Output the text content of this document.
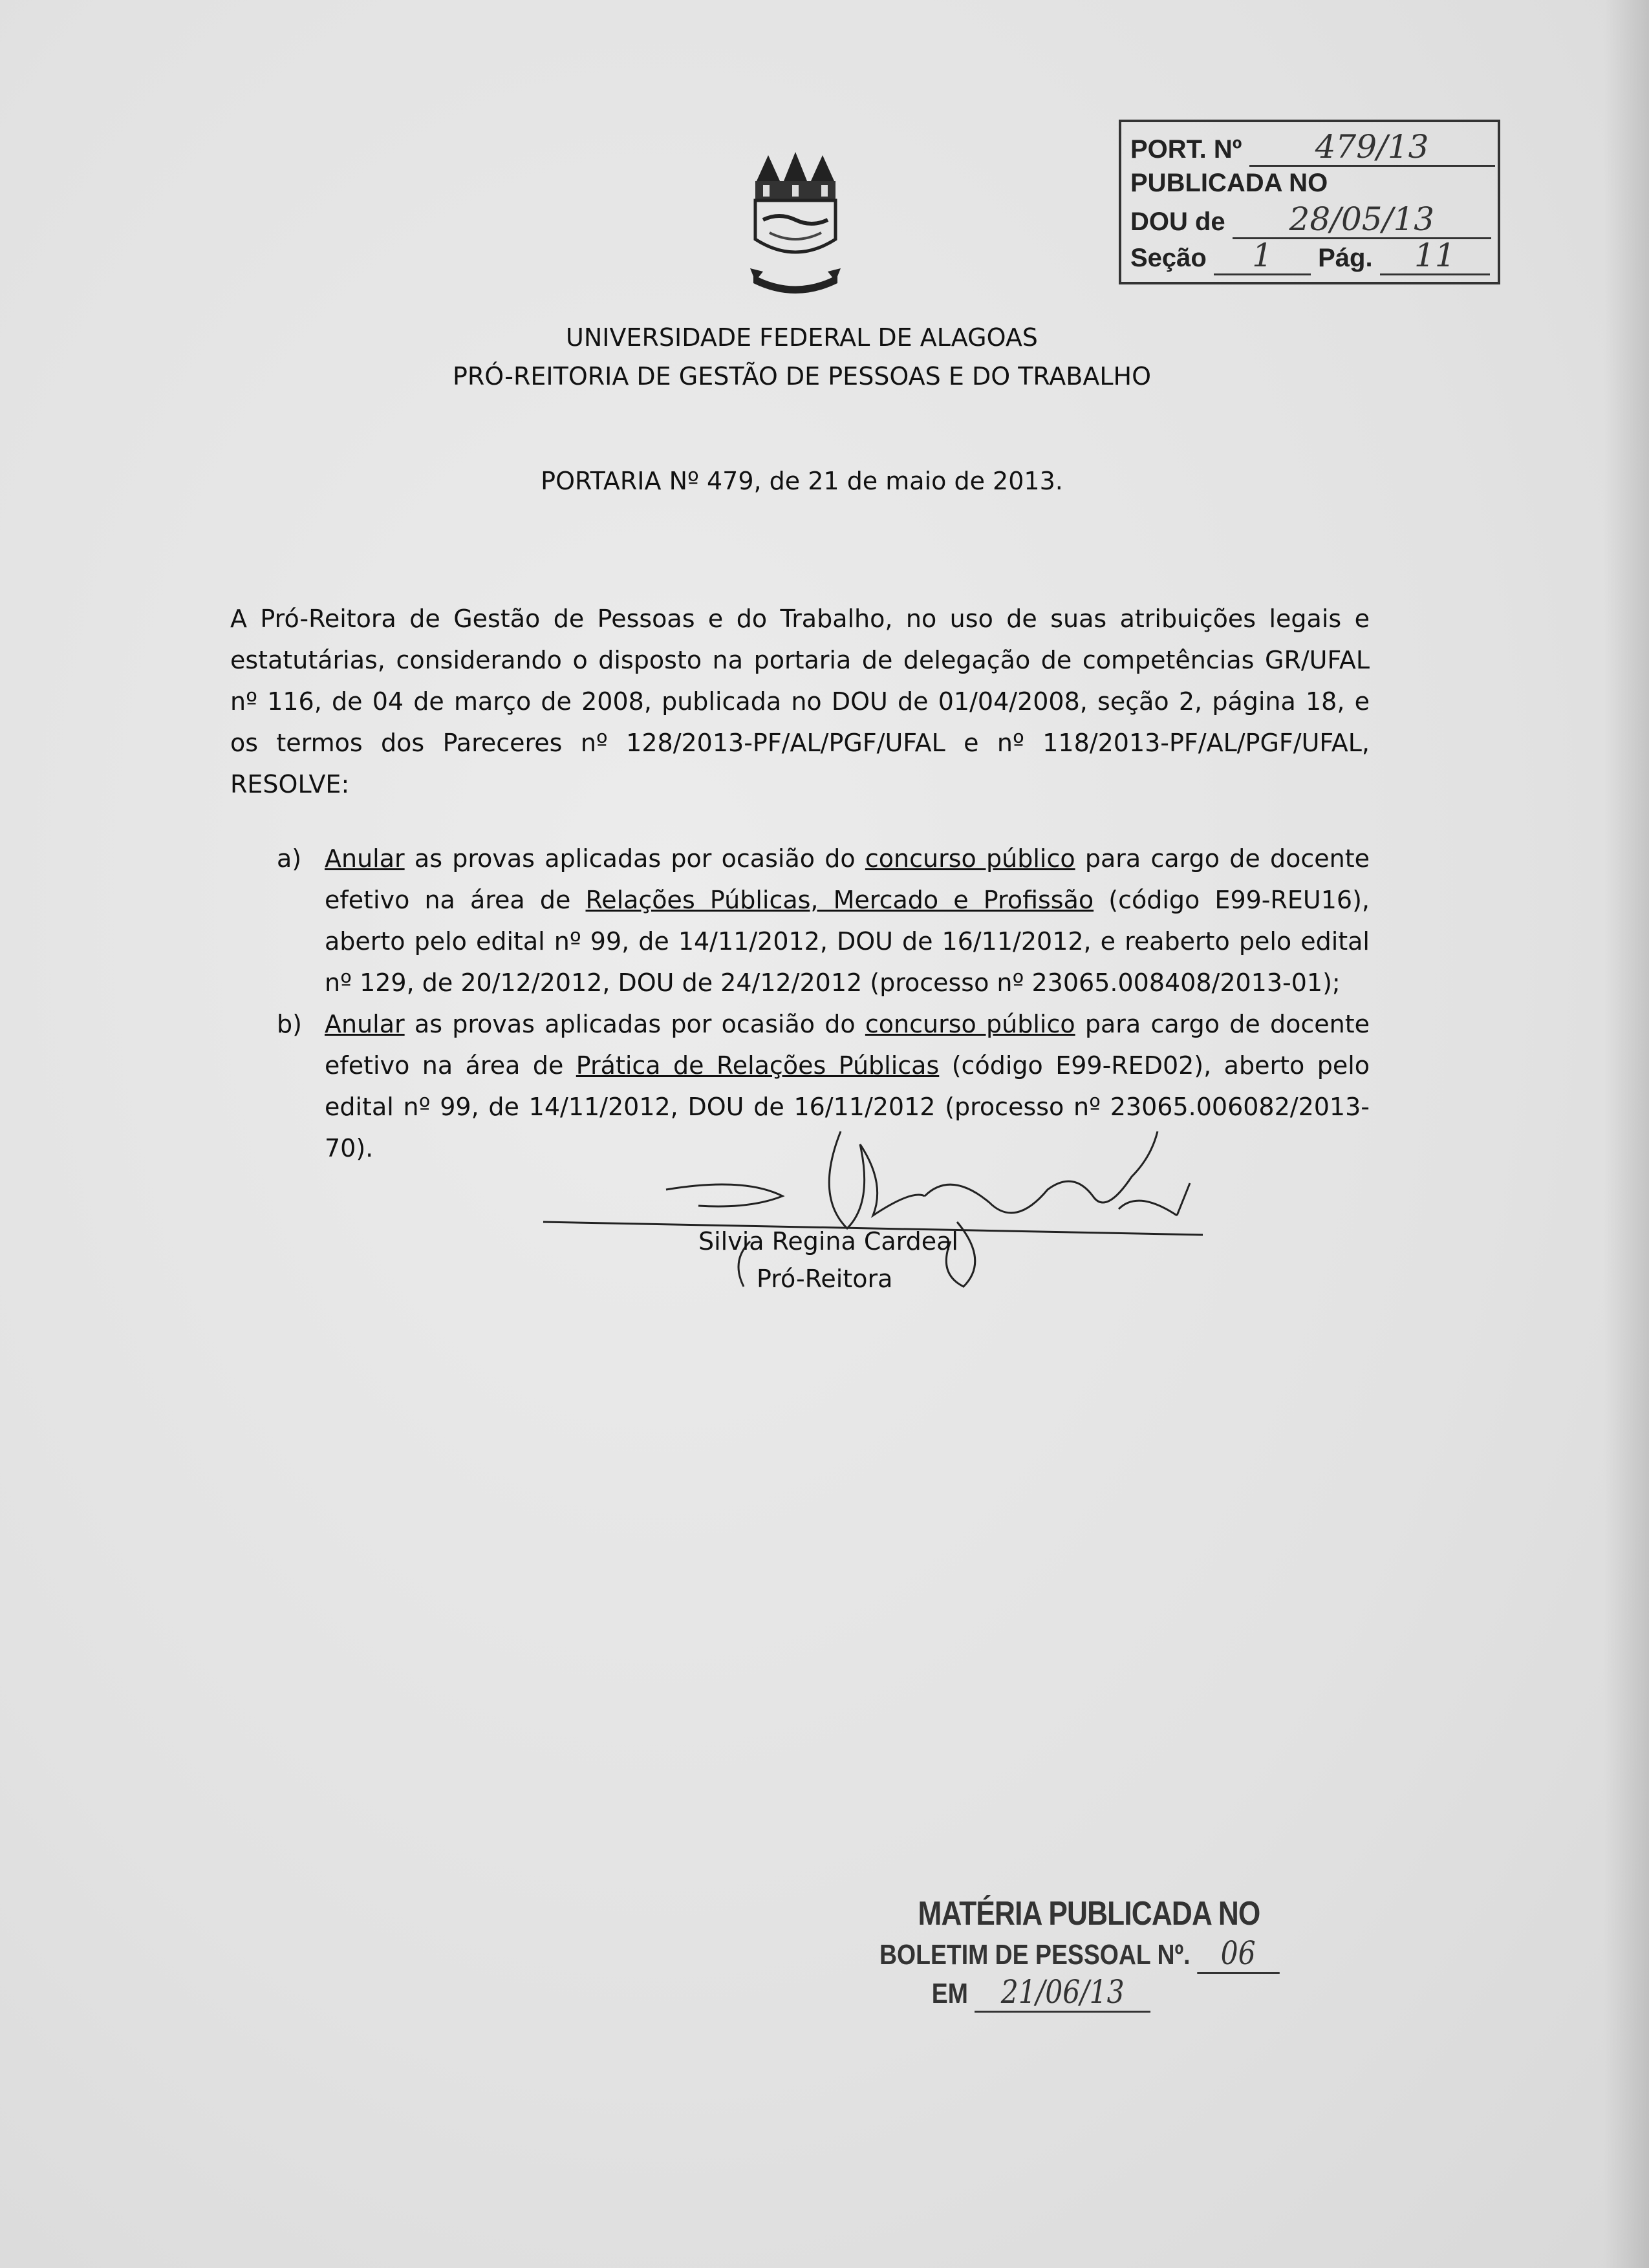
PORT. Nº 479/13
PUBLICADA NO
DOU de 28/05/13
Seção 1 Pág. 11
UNIVERSIDADE FEDERAL DE ALAGOAS
PRÓ-REITORIA DE GESTÃO DE PESSOAS E DO TRABALHO
PORTARIA Nº 479, de 21 de maio de 2013.
A Pró-Reitora de Gestão de Pessoas e do Trabalho, no uso de suas atribuições legais e estatutárias, considerando o disposto na portaria de delegação de competências GR/UFAL nº 116, de 04 de março de 2008, publicada no DOU de 01/04/2008, seção 2, página 18, e os termos dos Pareceres nº 128/2013-PF/AL/PGF/UFAL e nº 118/2013-PF/AL/PGF/UFAL, RESOLVE:
a) Anular as provas aplicadas por ocasião do concurso público para cargo de docente efetivo na área de Relações Públicas, Mercado e Profissão (código E99-REU16), aberto pelo edital nº 99, de 14/11/2012, DOU de 16/11/2012, e reaberto pelo edital nº 129, de 20/12/2012, DOU de 24/12/2012 (processo nº 23065.008408/2013-01);
b) Anular as provas aplicadas por ocasião do concurso público para cargo de docente efetivo na área de Prática de Relações Públicas (código E99-RED02), aberto pelo edital nº 99, de 14/11/2012, DOU de 16/11/2012 (processo nº 23065.006082/2013-70).
Silvia Regina Cardeal
Pró-Reitora
MATÉRIA PUBLICADA NO
BOLETIM DE PESSOAL Nº. 06
EM 21/06/13
